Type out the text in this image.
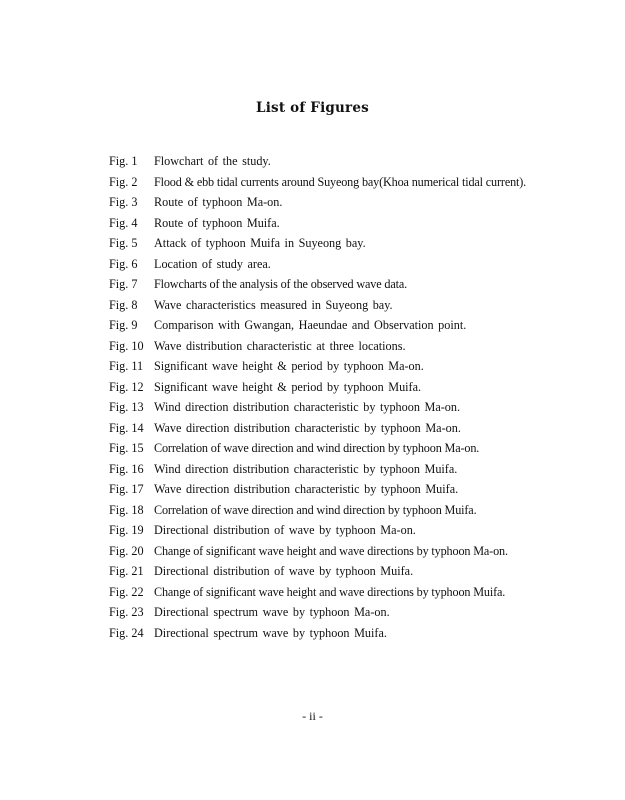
List of Figures
Fig. 1	Flowchart of the study.
Fig. 2	Flood & ebb tidal currents around Suyeong bay(Khoa numerical tidal current).
Fig. 3	Route of typhoon Ma-on.
Fig. 4	Route of typhoon Muifa.
Fig. 5	Attack of typhoon Muifa in Suyeong bay.
Fig. 6	Location of study area.
Fig. 7	Flowcharts of the analysis of the observed wave data.
Fig. 8	Wave characteristics measured in Suyeong bay.
Fig. 9	Comparison with Gwangan, Haeundae and Observation point.
Fig. 10 Wave distribution characteristic at three locations.
Fig. 11 Significant wave height & period by typhoon Ma-on.
Fig. 12 Significant wave height & period by typhoon Muifa.
Fig. 13 Wind direction distribution characteristic by typhoon Ma-on.
Fig. 14 Wave direction distribution characteristic by typhoon Ma-on.
Fig. 15 Correlation of wave direction and wind direction by typhoon Ma-on.
Fig. 16 Wind direction distribution characteristic by typhoon Muifa.
Fig. 17 Wave direction distribution characteristic by typhoon Muifa.
Fig. 18 Correlation of wave direction and wind direction by typhoon Muifa.
Fig. 19 Directional distribution of wave by typhoon Ma-on.
Fig. 20 Change of significant wave height and wave directions by typhoon Ma-on.
Fig. 21 Directional distribution of wave by typhoon Muifa.
Fig. 22 Change of significant wave height and wave directions by typhoon Muifa.
Fig. 23 Directional spectrum wave by typhoon Ma-on.
Fig. 24 Directional spectrum wave by typhoon Muifa.
- ii -
